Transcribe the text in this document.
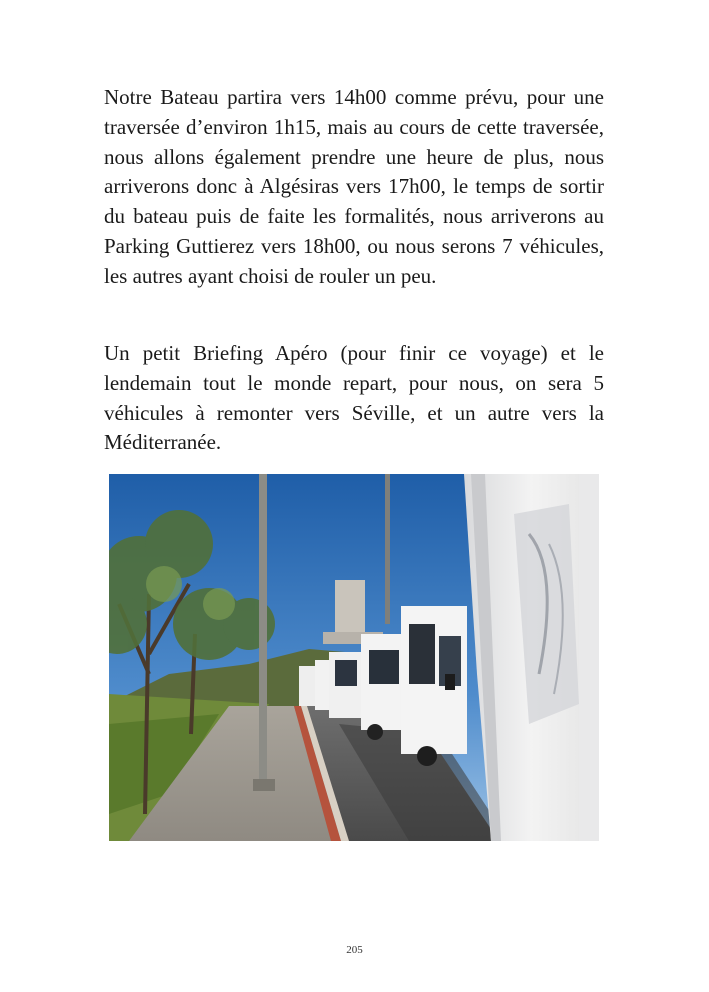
Notre Bateau partira vers 14h00 comme prévu, pour une traversée d’environ 1h15, mais au cours de cette traversée, nous allons également prendre une heure de plus, nous arriverons donc à Algésiras vers 17h00, le temps de sortir du bateau puis de faite les formalités, nous arriverons au Parking Guttierez vers 18h00, ou nous serons 7 véhicules, les autres ayant choisi de rouler un peu.

Un petit Briefing Apéro (pour finir ce voyage) et le lendemain tout le monde repart, pour nous, on sera 5 véhicules à remonter vers Séville, et un autre vers la Méditerranée.

205
